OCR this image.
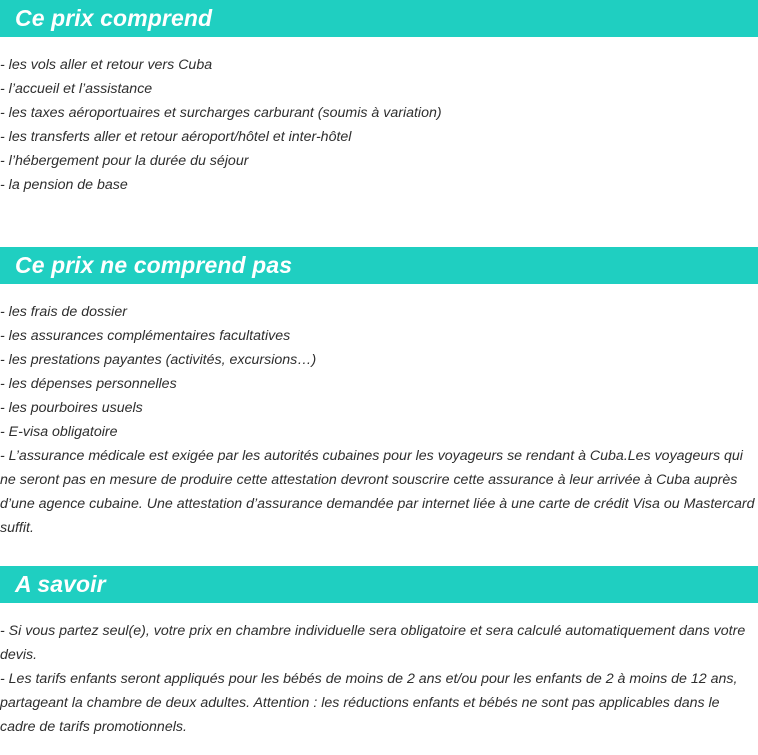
Ce prix comprend
- les vols aller et retour vers Cuba
- l’accueil et l’assistance
- les taxes aéroportuaires et surcharges carburant (soumis à variation)
- les transferts aller et retour aéroport/hôtel et inter-hôtel
- l’hébergement pour la durée du séjour
- la pension de base
Ce prix ne comprend pas
- les frais de dossier
- les assurances complémentaires facultatives
- les prestations payantes (activités, excursions…)
- les dépenses personnelles
- les pourboires usuels
- E-visa obligatoire
- L’assurance médicale est exigée par les autorités cubaines pour les voyageurs se rendant à Cuba.Les voyageurs qui ne seront pas en mesure de produire cette attestation devront souscrire cette assurance à leur arrivée à Cuba auprès d’une agence cubaine. Une attestation d’assurance demandée par internet liée à une carte de crédit Visa ou Mastercard suffit.
A savoir
- Si vous partez seul(e), votre prix en chambre individuelle sera obligatoire et sera calculé automatiquement dans votre devis.
- Les tarifs enfants seront appliqués pour les bébés de moins de 2 ans et/ou pour les enfants de 2 à moins de 12 ans, partageant la chambre de deux adultes. Attention : les réductions enfants et bébés ne sont pas applicables dans le cadre de tarifs promotionnels.
